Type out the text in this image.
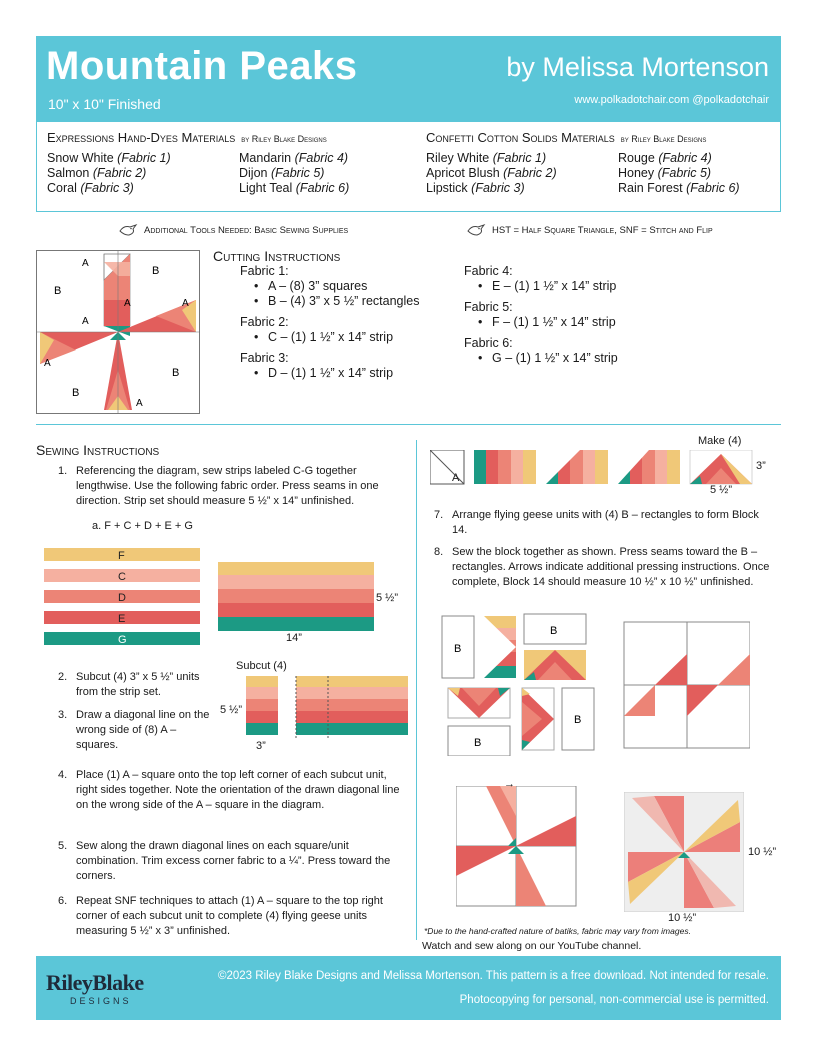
Mountain Peaks
10" x 10" Finished
by Melissa Mortenson
www.polkadotchair.com @polkadotchair
Expressions Hand-Dyes Materials by Riley Blake Designs
Snow White (Fabric 1)	Mandarin (Fabric 4)
Salmon (Fabric 2)	Dijon (Fabric 5)
Coral (Fabric 3)	Light Teal (Fabric 6)
Confetti Cotton Solids Materials by Riley Blake Designs
Riley White (Fabric 1)	Rouge (Fabric 4)
Apricot Blush (Fabric 2)	Honey (Fabric 5)
Lipstick (Fabric 3)	Rain Forest (Fabric 6)
Additional Tools Needed: Basic Sewing Supplies	HST = Half Square Triangle, SNF = Stitch and Flip
B
B
B
B
A
A
A
A
A
A
Cutting Instructions
Fabric 1:
• A – (8) 3” squares
• B – (4) 3” x 5 ½” rectangles
Fabric 2:
• C – (1) 1 ½” x 14” strip
Fabric 3:
• D – (1) 1 ½” x 14” strip
Fabric 4:
• E – (1) 1 ½” x 14” strip
Fabric 5:
• F – (1) 1 ½” x 14” strip
Fabric 6:
• G – (1) 1 ½” x 14” strip
Sewing Instructions
1. Referencing the diagram, sew strips labeled C-G together lengthwise. Use the following fabric order. Press seams in one direction. Strip set should measure 5 ½” x 14” unfinished.
a. F + C + D + E + G
F
C
D
E
G
5 ½”
14”
2. Subcut (4) 3” x 5 ½” units from the strip set.
3. Draw a diagonal line on the wrong side of (8) A – squares.
Subcut (4)
5 ½”
3”
4. Place (1) A – square onto the top left corner of each subcut unit, right sides together. Note the orientation of the drawn diagonal line on the wrong side of the A – square in the diagram.
5. Sew along the drawn diagonal lines on each square/unit combination. Trim excess corner fabric to a ¼”. Press toward the corners.
6. Repeat SNF techniques to attach (1) A – square to the top right corner of each subcut unit to complete (4) flying geese units measuring 5 ½” x 3” unfinished.
Make (4)
A
3”
5 ½”
7. Arrange flying geese units with (4) B – rectangles to form Block 14.
8. Sew the block together as shown. Press seams toward the B – rectangles. Arrows indicate additional pressing instructions. Once complete, Block 14 should measure 10 ½” x 10 ½” unfinished.
B
B
B
B
→
10 ½”
10 ½”
*Due to the hand-crafted nature of batiks, fabric may vary from images.
Watch and sew along on our YouTube channel.
RileyBlake
DESIGNS
©2023 Riley Blake Designs and Melissa Mortenson. This pattern is a free download. Not intended for resale.
Photocopying for personal, non-commercial use is permitted.
